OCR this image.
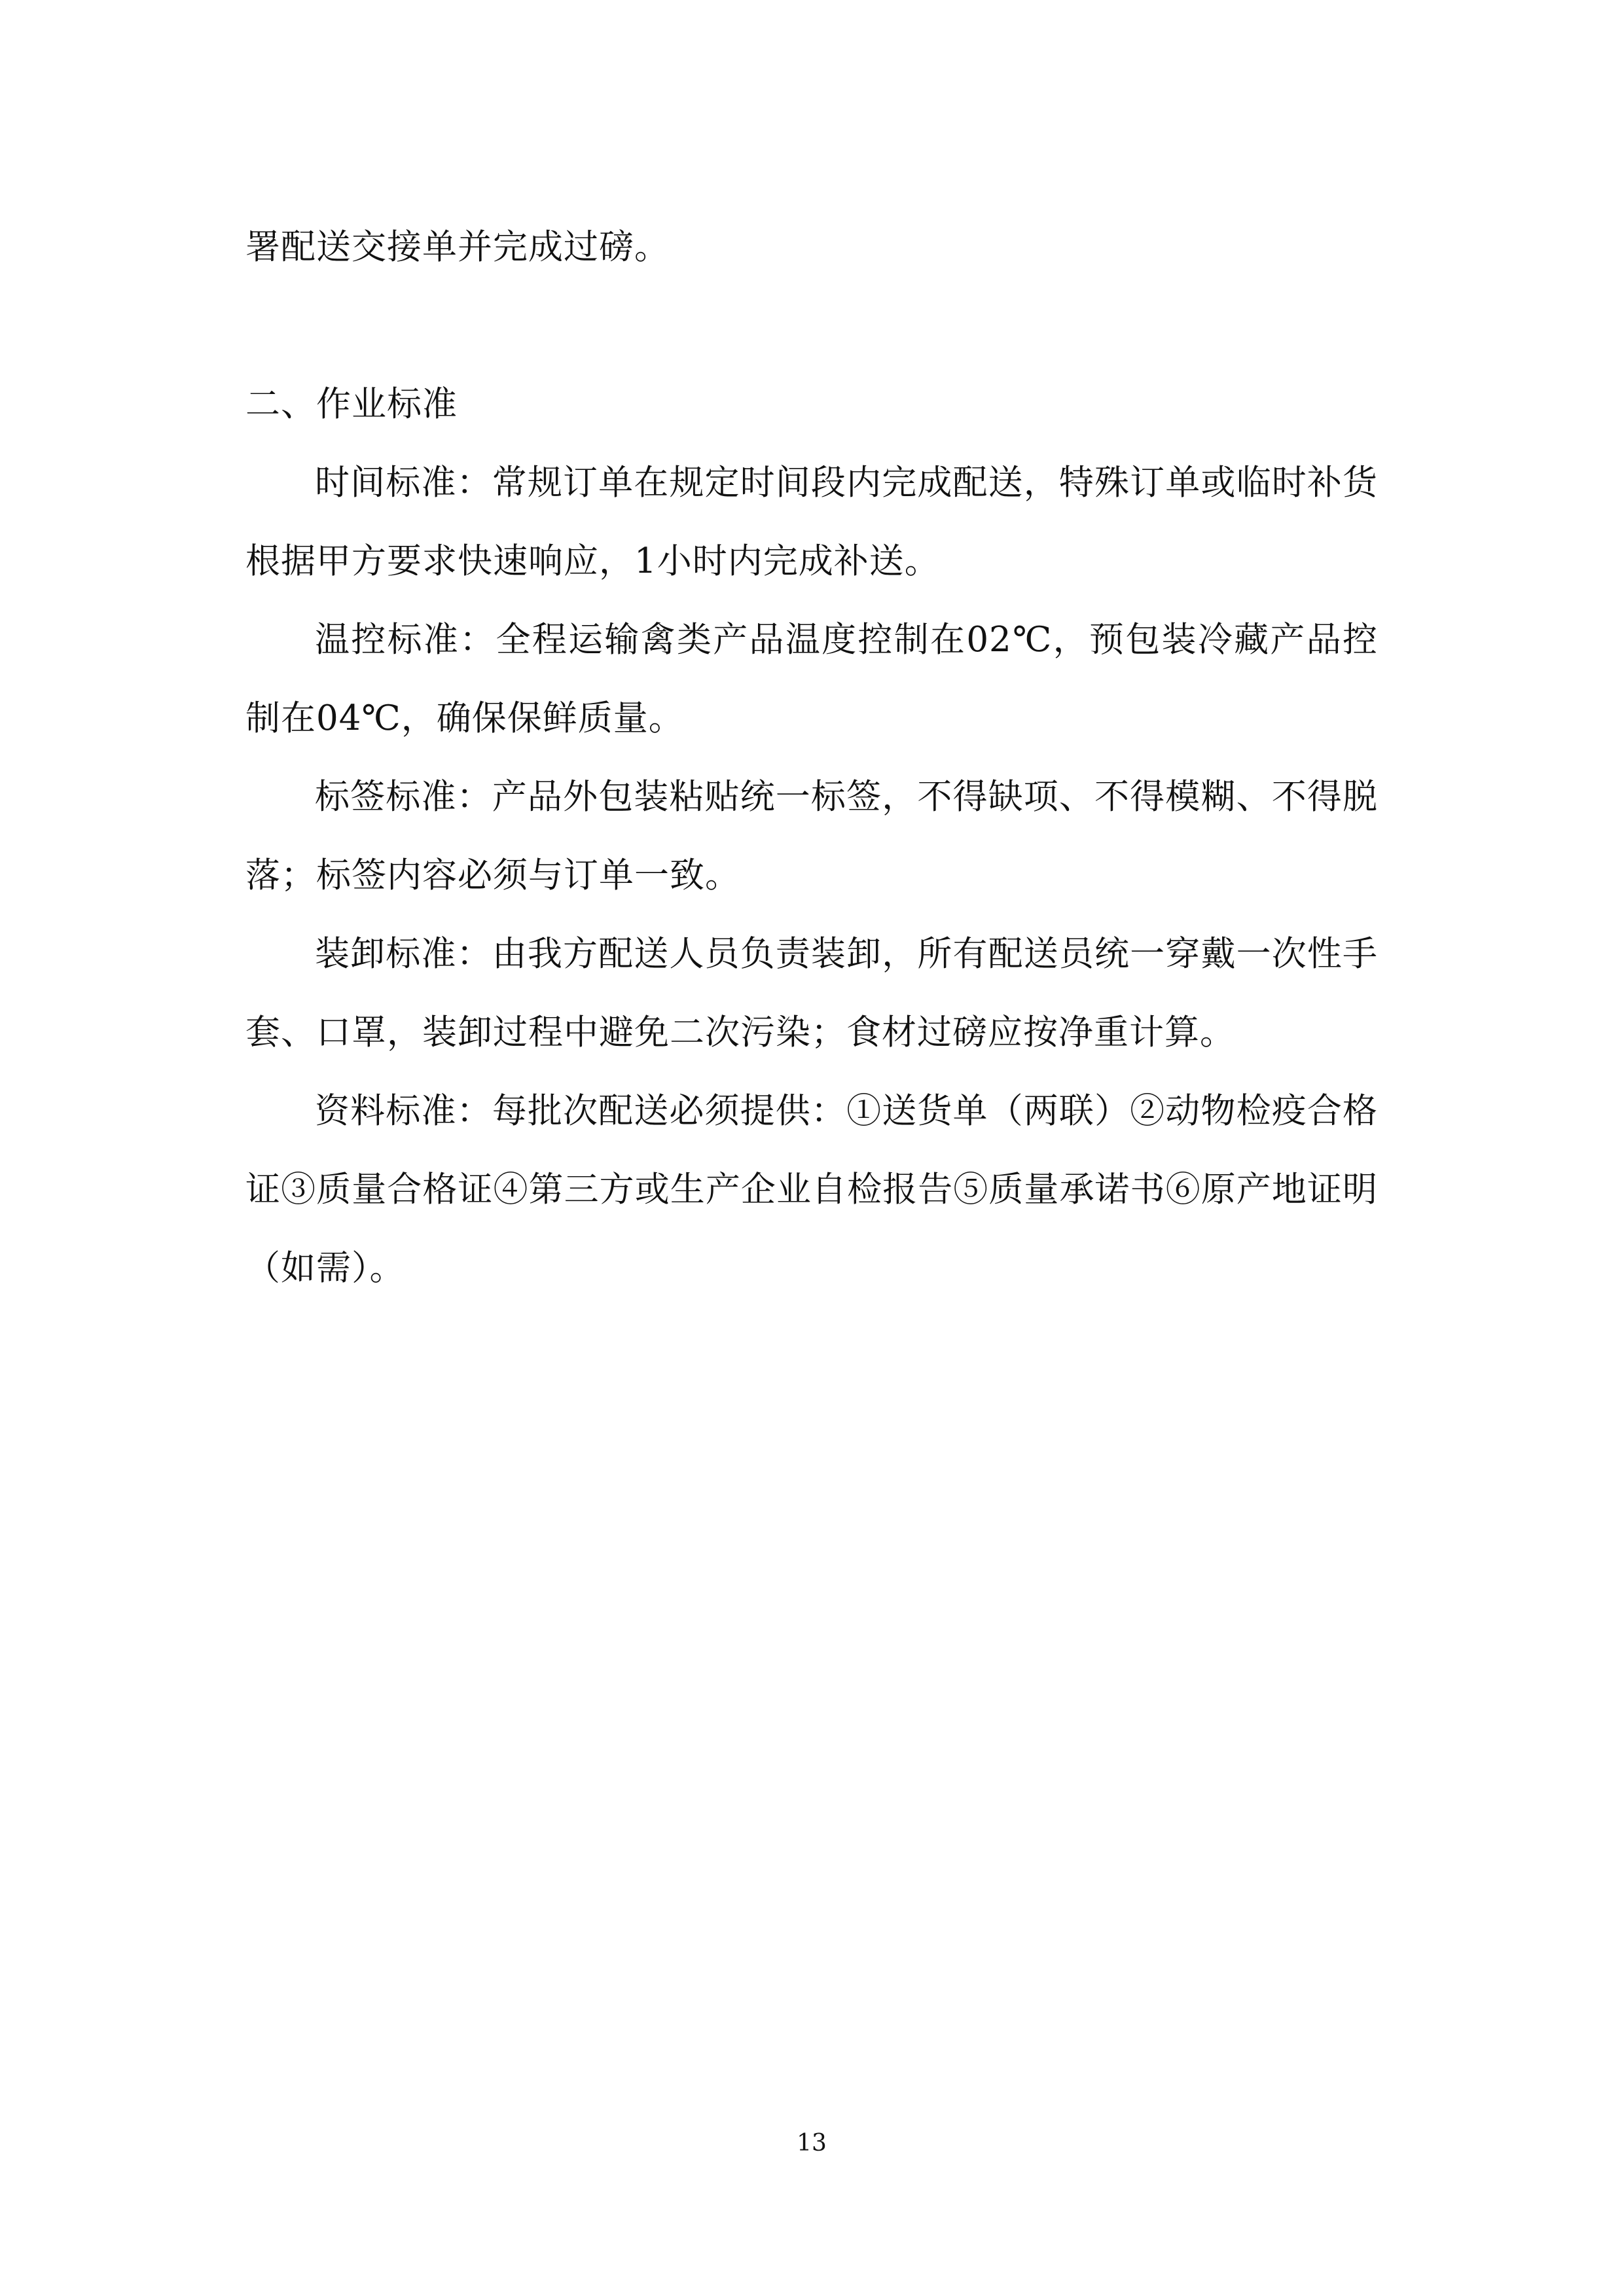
署配送交接单并完成过磅。

二、作业标准

时间标准：常规订单在规定时间段内完成配送，特殊订单或临时补货根据甲方要求快速响应，1小时内完成补送。

温控标准：全程运输禽类产品温度控制在02℃，预包装冷藏产品控制在04℃，确保保鲜质量。

标签标准：产品外包装粘贴统一标签，不得缺项、不得模糊、不得脱落；标签内容必须与订单一致。

装卸标准：由我方配送人员负责装卸，所有配送员统一穿戴一次性手套、口罩，装卸过程中避免二次污染；食材过磅应按净重计算。

资料标准：每批次配送必须提供：①送货单（两联）②动物检疫合格证③质量合格证④第三方或生产企业自检报告⑤质量承诺书⑥原产地证明（如需）。

13
